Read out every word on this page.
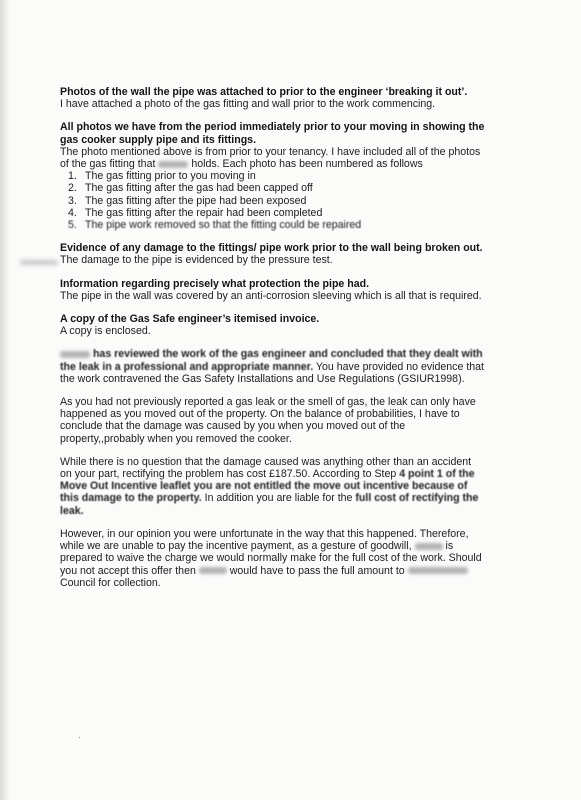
Photos of the wall the pipe was attached to prior to the engineer ‘breaking it out’.

I have attached a photo of the gas fitting and wall prior to the work commencing.

All photos we have from the period immediately prior to your moving in showing the gas cooker supply pipe and its fittings.

The photo mentioned above is from prior to your tenancy. I have included all of the photos of the gas fitting that	holds. Each photo has been numbered as follows

1. The gas fitting prior to you moving in
2. The gas fitting after the gas had been capped off
3. The gas fitting after the pipe had been exposed
4. The gas fitting after the repair had been completed
5. The pipe work removed so that the fitting could be repaired

Evidence of any damage to the fittings/ pipe work prior to the wall being broken out.

The damage to the pipe is evidenced by the pressure test.

Information regarding precisely what protection the pipe had.

The pipe in the wall was covered by an anti-corrosion sleeving which is all that is required.

A copy of the Gas Safe engineer’s itemised invoice.

A copy is enclosed.

has reviewed the work of the gas engineer and concluded that they dealt with the leak in a professional and appropriate manner. You have provided no evidence that the work contravened the Gas Safety Installations and Use Regulations (GSIUR1998).

As you had not previously reported a gas leak or the smell of gas, the leak can only have happened as you moved out of the property. On the balance of probabilities, I have to conclude that the damage was caused by you when you moved out of the property,,probably when you removed the cooker.

While there is no question that the damage caused was anything other than an accident on your part, rectifying the problem has cost £187.50. According to Step 4 point 1 of the Move Out Incentive leaflet you are not entitled the move out incentive because of this damage to the property. In addition you are liable for the full cost of rectifying the leak.

However, in our opinion you were unfortunate in the way that this happened. Therefore, while we are unable to pay the incentive payment, as a gesture of goodwill,	is prepared to waive the charge we would normally make for the full cost of the work. Should you not accept this offer then	would have to pass the full amount to  Council for collection.

·
